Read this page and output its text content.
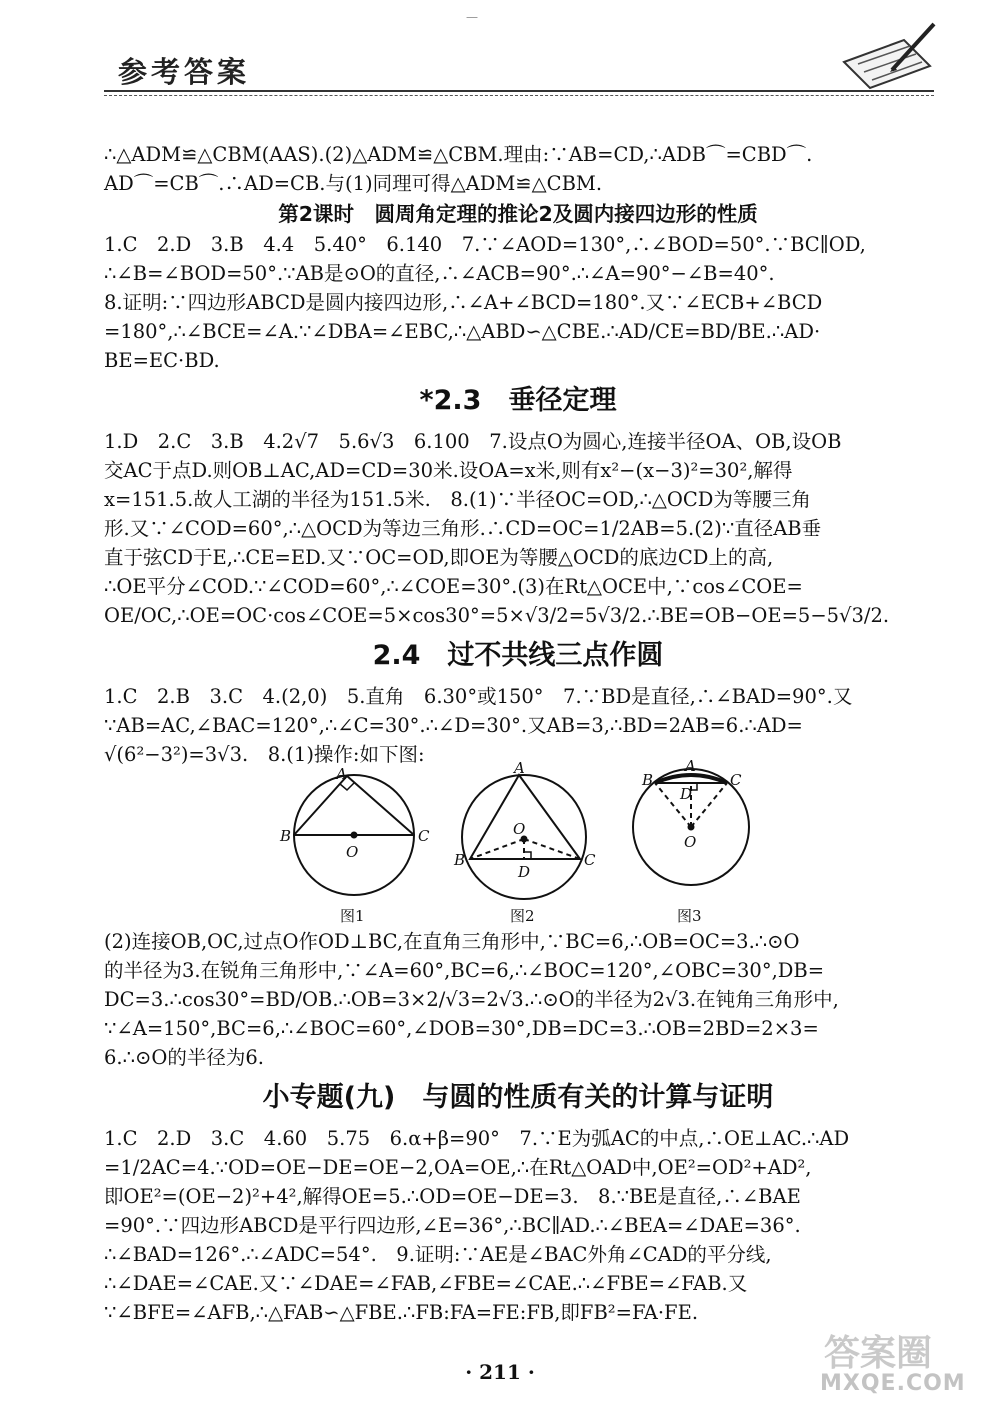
—
参考答案
∴△ADM≌△CBM(AAS).(2)△ADM≌△CBM.理由:∵AB=CD,∴ADB⌒=CBD⌒.
AD⌒=CB⌒.∴AD=CB.与(1)同理可得△ADM≌△CBM.
第2课时　圆周角定理的推论2及圆内接四边形的性质
1.C　2.D　3.B　4.4　5.40°　6.140　7.∵∠AOD=130°,∴∠BOD=50°.∵BC∥OD,
∴∠B=∠BOD=50°.∵AB是⊙O的直径,∴∠ACB=90°.∴∠A=90°−∠B=40°.
8.证明:∵四边形ABCD是圆内接四边形,∴∠A+∠BCD=180°.又∵∠ECB+∠BCD
=180°,∴∠BCE=∠A.∵∠DBA=∠EBC,∴△ABD∽△CBE.∴AD/CE=BD/BE.∴AD·
BE=EC·BD.
*2.3　垂径定理
1.D　2.C　3.B　4.2√7　5.6√3　6.100　7.设点O为圆心,连接半径OA、OB,设OB
交AC于点D.则OB⊥AC,AD=CD=30米.设OA=x米,则有x²−(x−3)²=30²,解得
x=151.5.故人工湖的半径为151.5米.　8.(1)∵半径OC=OD,∴△OCD为等腰三角
形.又∵∠COD=60°,∴△OCD为等边三角形.∴CD=OC=1/2AB=5.(2)∵直径AB垂
直于弦CD于E,∴CE=ED.又∵OC=OD,即OE为等腰△OCD的底边CD上的高,
∴OE平分∠COD.∵∠COD=60°,∴∠COE=30°.(3)在Rt△OCE中,∵cos∠COE=
OE/OC,∴OE=OC·cos∠COE=5×cos30°=5×√3/2=5√3/2.∴BE=OB−OE=5−5√3/2.
2.4　过不共线三点作圆
1.C　2.B　3.C　4.(2,0)　5.直角　6.30°或150°　7.∵BD是直径,∴∠BAD=90°.又
∵AB=AC,∠BAC=120°,∴∠C=30°.∴∠D=30°.又AB=3,∴BD=2AB=6.∴AD=
√(6²−3²)=3√3.　8.(1)操作:如下图:
A
B	C
O
图1
A
B	C
O
D
图2
A
B	C
D
O
图3
(2)连接OB,OC,过点O作OD⊥BC,在直角三角形中,∵BC=6,∴OB=OC=3.∴⊙O
的半径为3.在锐角三角形中,∵∠A=60°,BC=6,∴∠BOC=120°,∠OBC=30°,DB=
DC=3.∴cos30°=BD/OB.∴OB=3×2/√3=2√3.∴⊙O的半径为2√3.在钝角三角形中,
∵∠A=150°,BC=6,∴∠BOC=60°,∠DOB=30°,DB=DC=3.∴OB=2BD=2×3=
6.∴⊙O的半径为6.
小专题(九)　与圆的性质有关的计算与证明
1.C　2.D　3.C　4.60　5.75　6.α+β=90°　7.∵E为弧AC的中点,∴OE⊥AC.∴AD
=1/2AC=4.∵OD=OE−DE=OE−2,OA=OE,∴在Rt△OAD中,OE²=OD²+AD²,
即OE²=(OE−2)²+4²,解得OE=5.∴OD=OE−DE=3.　8.∵BE是直径,∴∠BAE
=90°.∵四边形ABCD是平行四边形,∠E=36°,∴BC∥AD.∴∠BEA=∠DAE=36°.
∴∠BAD=126°.∴∠ADC=54°.　9.证明:∵AE是∠BAC外角∠CAD的平分线,
∴∠DAE=∠CAE.又∵∠DAE=∠FAB,∠FBE=∠CAE.∴∠FBE=∠FAB.又
∵∠BFE=∠AFB,∴△FAB∽△FBE.∴FB:FA=FE:FB,即FB²=FA·FE.
· 211 ·	答案圈
MXQE.COM
